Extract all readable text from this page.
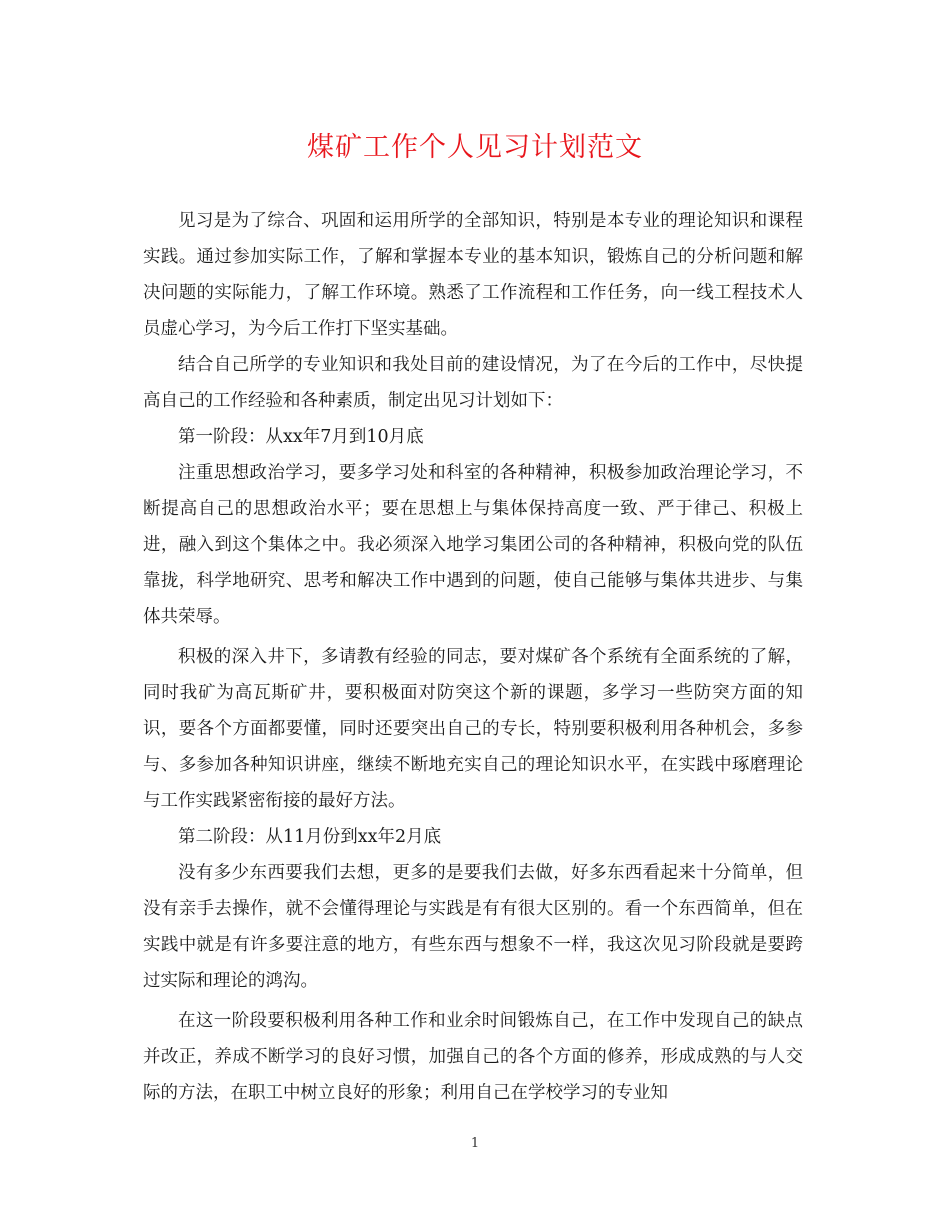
煤矿工作个人见习计划范文

见习是为了综合、巩固和运用所学的全部知识，特别是本专业的理论知识和课程实践。通过参加实际工作，了解和掌握本专业的基本知识，锻炼自己的分析问题和解决问题的实际能力，了解工作环境。熟悉了工作流程和工作任务，向一线工程技术人员虚心学习，为今后工作打下坚实基础。

结合自己所学的专业知识和我处目前的建设情况，为了在今后的工作中，尽快提高自己的工作经验和各种素质，制定出见习计划如下：

第一阶段：从xx年7月到10月底

注重思想政治学习，要多学习处和科室的各种精神，积极参加政治理论学习，不断提高自己的思想政治水平；要在思想上与集体保持高度一致、严于律己、积极上进，融入到这个集体之中。我必须深入地学习集团公司的各种精神，积极向党的队伍靠拢，科学地研究、思考和解决工作中遇到的问题，使自己能够与集体共进步、与集体共荣辱。

积极的深入井下，多请教有经验的同志，要对煤矿各个系统有全面系统的了解，同时我矿为高瓦斯矿井，要积极面对防突这个新的课题，多学习一些防突方面的知识，要各个方面都要懂，同时还要突出自己的专长，特别要积极利用各种机会，多参与、多参加各种知识讲座，继续不断地充实自己的理论知识水平，在实践中琢磨理论与工作实践紧密衔接的最好方法。

第二阶段：从11月份到xx年2月底

没有多少东西要我们去想，更多的是要我们去做，好多东西看起来十分简单，但没有亲手去操作，就不会懂得理论与实践是有有很大区别的。看一个东西简单，但在实践中就是有许多要注意的地方，有些东西与想象不一样，我这次见习阶段就是要跨过实际和理论的鸿沟。

在这一阶段要积极利用各种工作和业余时间锻炼自己，在工作中发现自己的缺点并改正，养成不断学习的良好习惯，加强自己的各个方面的修养，形成成熟的与人交际的方法，在职工中树立良好的形象；利用自己在学校学习的专业知

1
